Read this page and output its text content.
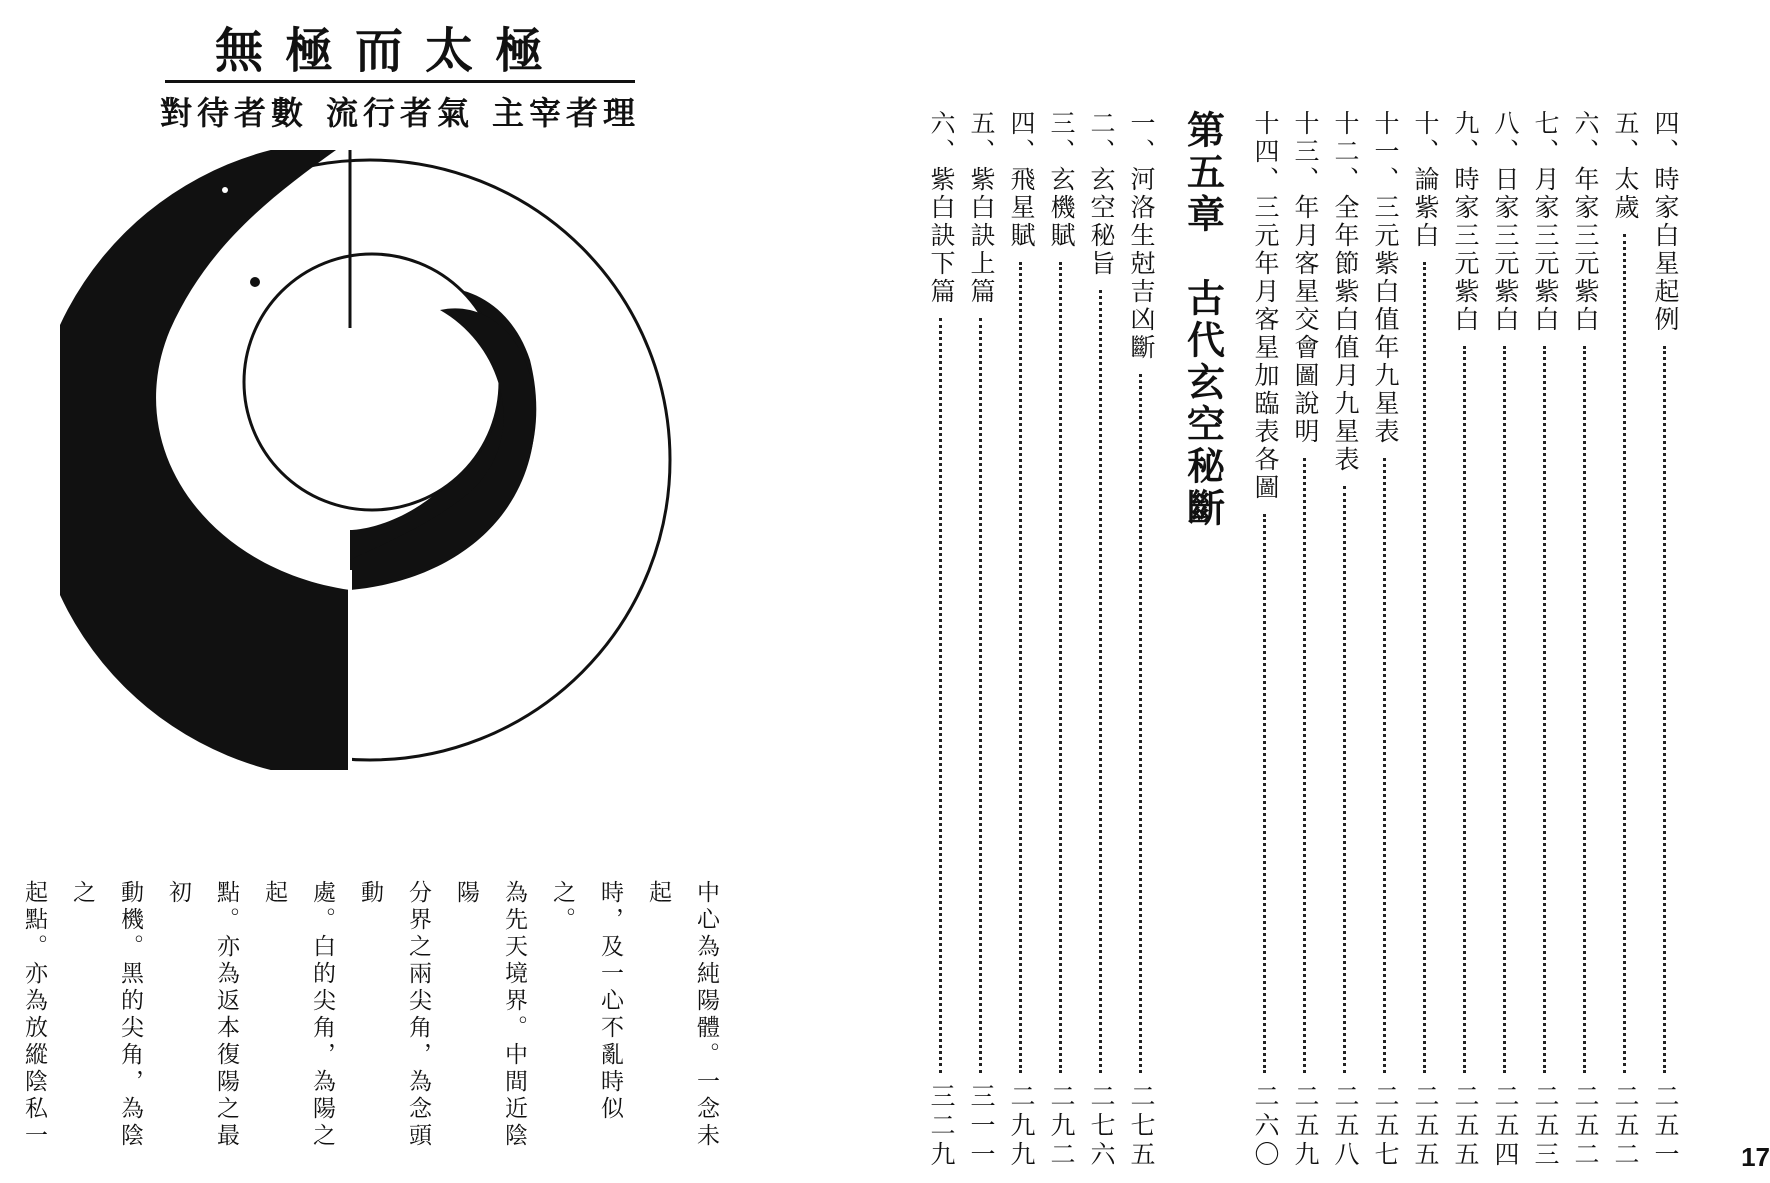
無極而太極
對待者數 流行者氣 主宰者理
中心為純陽體。一念未起
時，及一心不亂時似之。
為先天境界。中間近陰陽
分界之兩尖角，為念頭動
處。白的尖角，為陽之起
點。亦為返本復陽之最初
動機。黑的尖角，為陰之
起點。亦為放縱陰私一
四、時家白星起例
二五一
五、太歲
二五二
六、年家三元紫白
二五二
七、月家三元紫白
二五三
八、日家三元紫白
二五四
九、時家三元紫白
二五五
十、論紫白
二五五
十一、三元紫白值年九星表
二五七
十二、全年節紫白值月九星表
二五八
十三、年月客星交會圖說明
二五九
十四、三元年月客星加臨表各圖
二六〇
第五章　古代玄空秘斷
一、河洛生尅吉凶斷
二七五
二、玄空秘旨
二七六
三、玄機賦
二九二
四、飛星賦
二九九
五、紫白訣上篇
三一一
六、紫白訣下篇
三二九	17
